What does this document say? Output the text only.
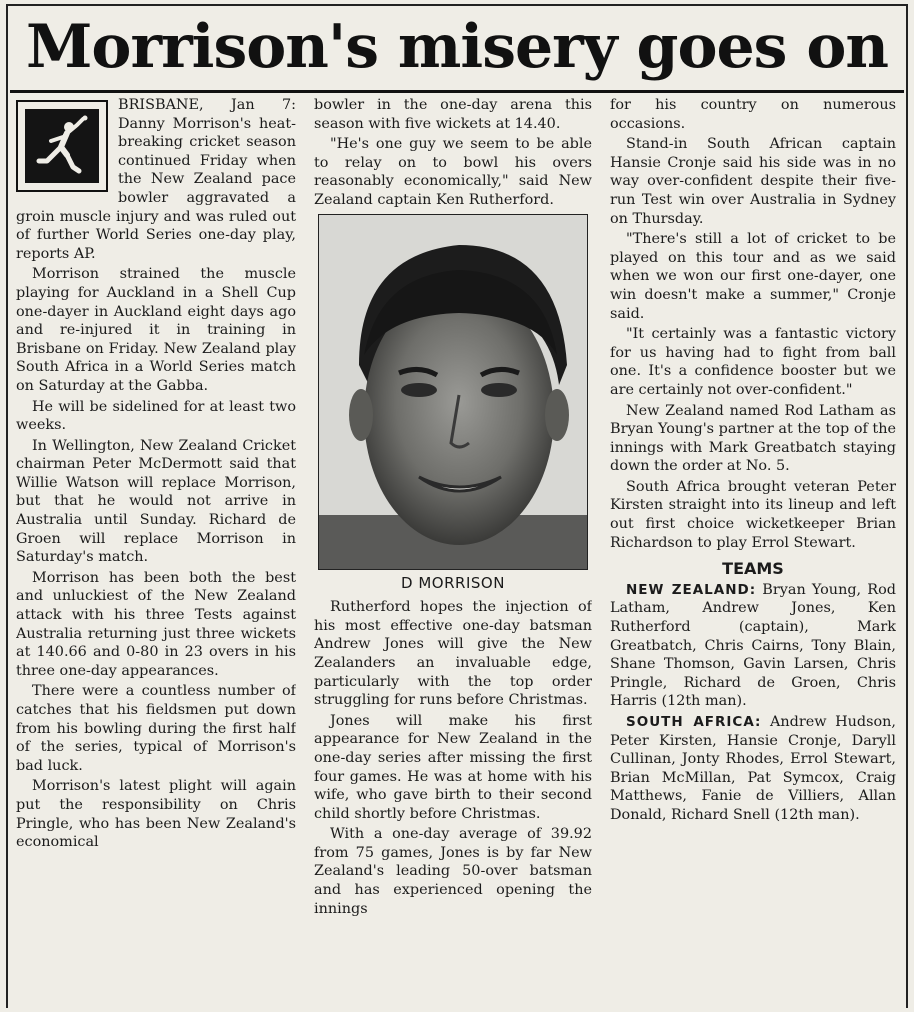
Morrison's misery goes on

BRISBANE, Jan 7: Danny Morrison's heat-breaking cricket season continued Friday when the New Zealand pace bowler aggravated a groin muscle injury and was ruled out of further World Series one-day play, reports AP.

Morrison strained the muscle playing for Auckland in a Shell Cup one-dayer in Auckland eight days ago and re-injured it in training in Brisbane on Friday. New Zealand play South Africa in a World Series match on Saturday at the Gabba.

He will be sidelined for at least two weeks.

In Wellington, New Zealand Cricket chairman Peter McDermott said that Willie Watson will replace Morrison, but that he would not arrive in Australia until Sunday. Richard de Groen will replace Morrison in Saturday's match.

Morrison has been both the best and unluckiest of the New Zealand attack with his three Tests against Australia returning just three wickets at 140.66 and 0-80 in 23 overs in his three one-day appearances.

There were a countless number of catches that his fieldsmen put down from his bowling during the first half of the series, typical of Morrison's bad luck.

Morrison's latest plight will again put the responsibility on Chris Pringle, who has been New Zealand's economical

bowler in the one-day arena this season with five wickets at 14.40.

"He's one guy we seem to be able to relay on to bowl his overs reasonably economically," said New Zealand captain Ken Rutherford.

D MORRISON

Rutherford hopes the injection of his most effective one-day batsman Andrew Jones will give the New Zealanders an invaluable edge, particularly with the top order struggling for runs before Christmas.

Jones will make his first appearance for New Zealand in the one-day series after missing the first four games. He was at home with his wife, who gave birth to their second child shortly before Christmas.

With a one-day average of 39.92 from 75 games, Jones is by far New Zealand's leading 50-over batsman and has experienced opening the innings

for his country on numerous occasions.

Stand-in South African captain Hansie Cronje said his side was in no way over-confident despite their five-run Test win over Australia in Sydney on Thursday.

"There's still a lot of cricket to be played on this tour and as we said when we won our first one-dayer, one win doesn't make a summer," Cronje said.

"It certainly was a fantastic victory for us having had to fight from ball one. It's a confidence booster but we are certainly not over-confident."

New Zealand named Rod Latham as Bryan Young's partner at the top of the innings with Mark Greatbatch staying down the order at No. 5.

South Africa brought veteran Peter Kirsten straight into its lineup and left out first choice wicketkeeper Brian Richardson to play Errol Stewart.

TEAMS

NEW ZEALAND: Bryan Young, Rod Latham, Andrew Jones, Ken Rutherford (captain), Mark Greatbatch, Chris Cairns, Tony Blain, Shane Thomson, Gavin Larsen, Chris Pringle, Richard de Groen, Chris Harris (12th man).

SOUTH AFRICA: Andrew Hudson, Peter Kirsten, Hansie Cronje, Daryll Cullinan, Jonty Rhodes, Errol Stewart, Brian McMillan, Pat Symcox, Craig Matthews, Fanie de Villiers, Allan Donald, Richard Snell (12th man).
